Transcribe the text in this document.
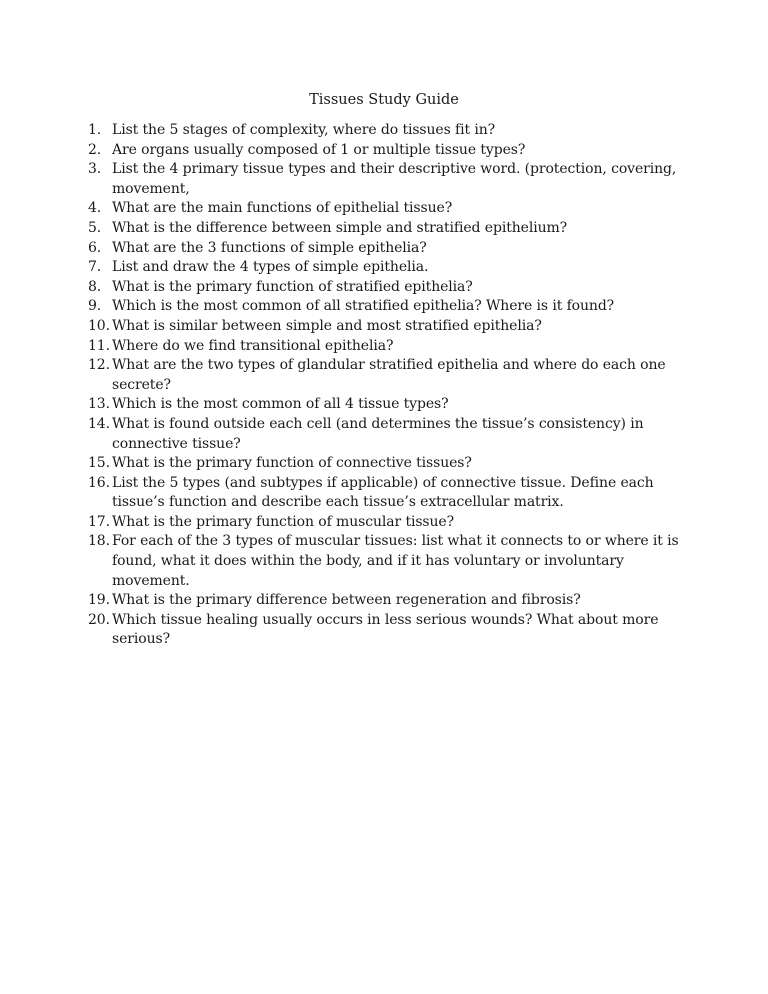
Tissues Study Guide
1. List the 5 stages of complexity, where do tissues fit in?
2. Are organs usually composed of 1 or multiple tissue types?
3. List the 4 primary tissue types and their descriptive word. (protection, covering, movement,
4. What are the main functions of epithelial tissue?
5. What is the difference between simple and stratified epithelium?
6. What are the 3 functions of simple epithelia?
7. List and draw the 4 types of simple epithelia.
8. What is the primary function of stratified epithelia?
9. Which is the most common of all stratified epithelia? Where is it found?
10. What is similar between simple and most stratified epithelia?
11. Where do we find transitional epithelia?
12. What are the two types of glandular stratified epithelia and where do each one secrete?
13. Which is the most common of all 4 tissue types?
14. What is found outside each cell (and determines the tissue’s consistency) in connective tissue?
15. What is the primary function of connective tissues?
16. List the 5 types (and subtypes if applicable) of connective tissue. Define each tissue’s function and describe each tissue’s extracellular matrix.
17. What is the primary function of muscular tissue?
18. For each of the 3 types of muscular tissues: list what it connects to or where it is found, what it does within the body, and if it has voluntary or involuntary movement.
19. What is the primary difference between regeneration and fibrosis?
20. Which tissue healing usually occurs in less serious wounds? What about more serious?
